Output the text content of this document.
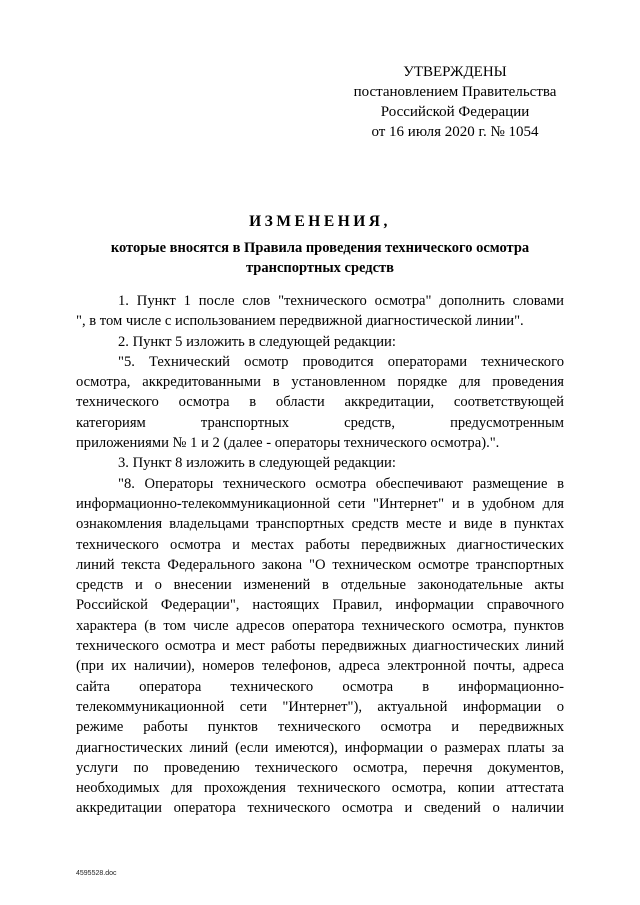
УТВЕРЖДЕНЫ
постановлением Правительства
Российской Федерации
от 16 июля 2020 г. № 1054
ИЗМЕНЕНИЯ,
которые вносятся в Правила проведения технического осмотра
транспортных средств
1. Пункт 1 после слов "технического осмотра" дополнить словами
", в том числе с использованием передвижной диагностической линии".
2. Пункт 5 изложить в следующей редакции:
"5. Технический осмотр проводится операторами технического
осмотра, аккредитованными в установленном порядке для проведения
технического осмотра в области аккредитации, соответствующей
категориям транспортных средств, предусмотренным
приложениями № 1 и 2 (далее - операторы технического осмотра).".
3. Пункт 8 изложить в следующей редакции:
"8. Операторы технического осмотра обеспечивают размещение в
информационно-телекоммуникационной сети "Интернет" и в удобном для
ознакомления владельцами транспортных средств месте и виде в пунктах
технического осмотра и местах работы передвижных диагностических
линий текста Федерального закона "О техническом осмотре транспортных
средств и о внесении изменений в отдельные законодательные акты
Российской Федерации", настоящих Правил, информации справочного
характера (в том числе адресов оператора технического осмотра, пунктов
технического осмотра и мест работы передвижных диагностических линий
(при их наличии), номеров телефонов, адреса электронной почты, адреса
сайта оператора технического осмотра в информационно-
телекоммуникационной сети "Интернет"), актуальной информации о
режиме работы пунктов технического осмотра и передвижных
диагностических линий (если имеются), информации о размерах платы за
услуги по проведению технического осмотра, перечня документов,
необходимых для прохождения технического осмотра, копии аттестата
аккредитации оператора технического осмотра и сведений о наличии
4595528.doc
